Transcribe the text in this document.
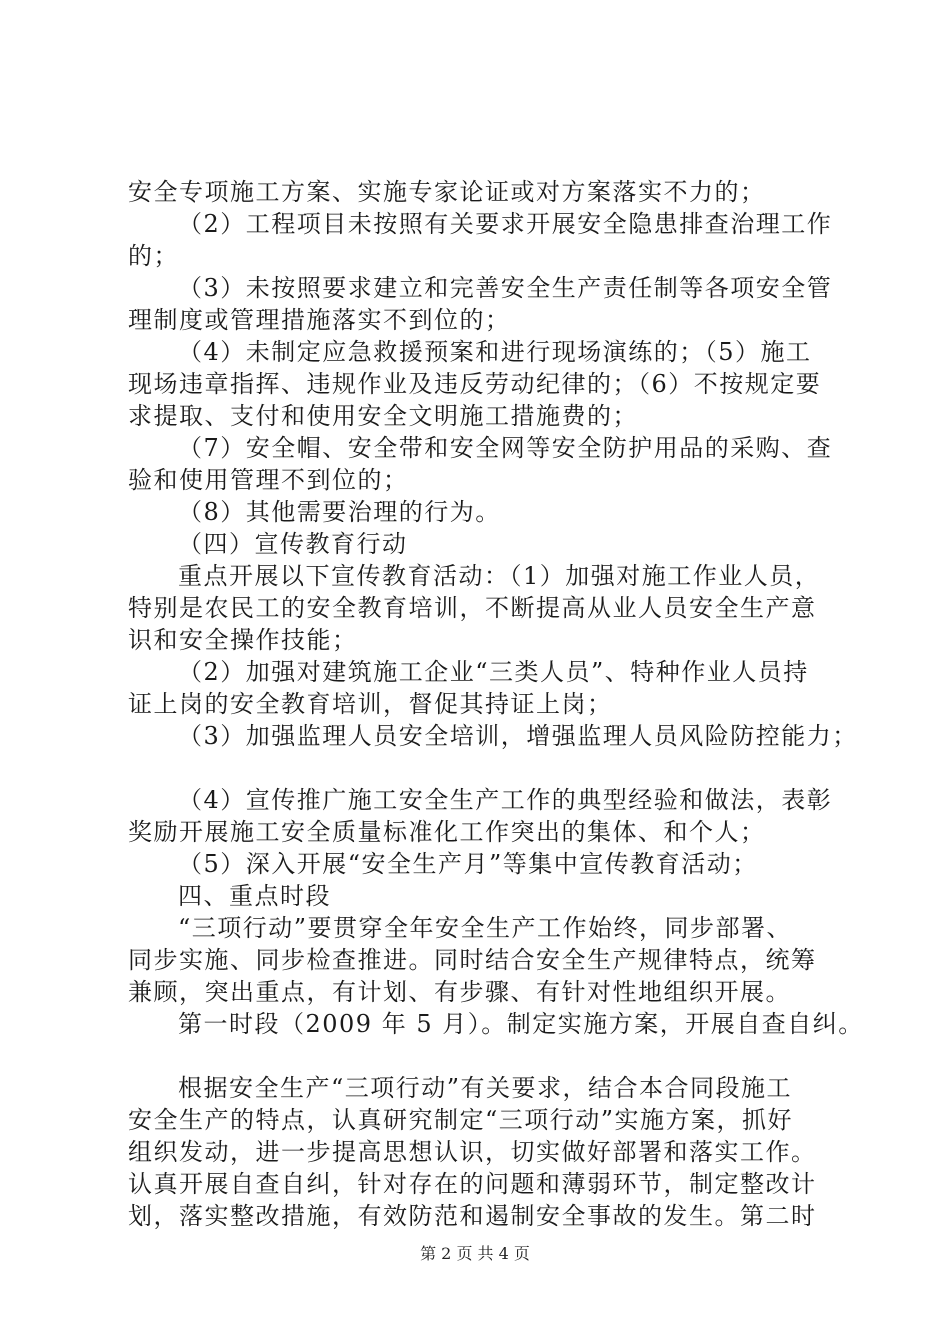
安全专项施工方案、实施专家论证或对方案落实不力的；
（2）工程项目未按照有关要求开展安全隐患排查治理工作
的；
（3）未按照要求建立和完善安全生产责任制等各项安全管
理制度或管理措施落实不到位的；
（4）未制定应急救援预案和进行现场演练的；（5）施工
现场违章指挥、违规作业及违反劳动纪律的；（6）不按规定要
求提取、支付和使用安全文明施工措施费的；
（7）安全帽、安全带和安全网等安全防护用品的采购、查
验和使用管理不到位的；
（8）其他需要治理的行为。
（四）宣传教育行动
重点开展以下宣传教育活动：（1）加强对施工作业人员，
特别是农民工的安全教育培训，不断提高从业人员安全生产意
识和安全操作技能；
（2）加强对建筑施工企业“三类人员”、特种作业人员持
证上岗的安全教育培训，督促其持证上岗；
（3）加强监理人员安全培训，增强监理人员风险防控能力；
（4）宣传推广施工安全生产工作的典型经验和做法，表彰
奖励开展施工安全质量标准化工作突出的集体、和个人；
（5）深入开展“安全生产月”等集中宣传教育活动；
四、重点时段
“三项行动”要贯穿全年安全生产工作始终，同步部署、
同步实施、同步检查推进。同时结合安全生产规律特点，统筹
兼顾，突出重点，有计划、有步骤、有针对性地组织开展。
第一时段（2009 年 5 月）。制定实施方案，开展自查自纠。
根据安全生产“三项行动”有关要求，结合本合同段施工
安全生产的特点，认真研究制定“三项行动”实施方案，抓好
组织发动，进一步提高思想认识，切实做好部署和落实工作。
认真开展自查自纠，针对存在的问题和薄弱环节，制定整改计
划，落实整改措施，有效防范和遏制安全事故的发生。第二时
第 2 页 共 4 页
